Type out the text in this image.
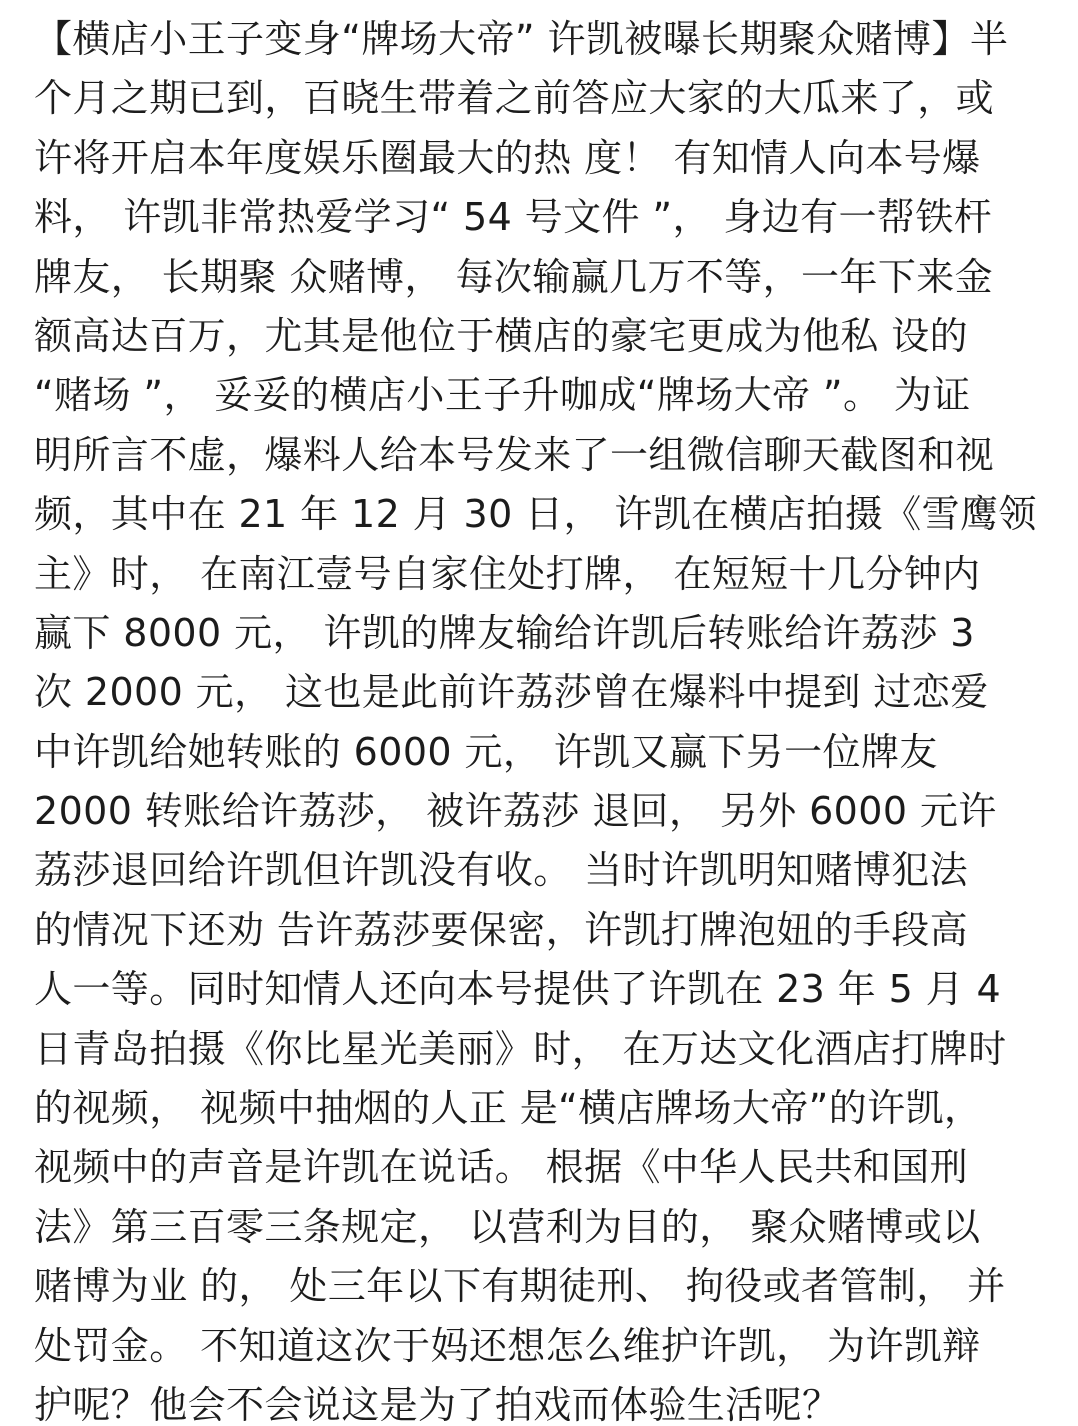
【横店小王子变身“牌场大帝” 许凯被曝长期聚众赌博】半
个月之期已到，百晓生带着之前答应大家的大瓜来了，或
许将开启本年度娱乐圈最大的热 度！ 有知情人向本号爆
料， 许凯非常热爱学习“ 54 号文件 ”， 身边有一帮铁杆
牌友， 长期聚 众赌博， 每次输赢几万不等，一年下来金
额高达百万，尤其是他位于横店的豪宅更成为他私 设的
“赌场 ”， 妥妥的横店小王子升咖成“牌场大帝 ”。 为证
明所言不虚，爆料人给本号发来了一组微信聊天截图和视
频，其中在 21 年 12 月 30 日， 许凯在横店拍摄《雪鹰领
主》时， 在南江壹号自家住处打牌， 在短短十几分钟内
赢下 8000 元， 许凯的牌友输给许凯后转账给许荔莎 3
次 2000 元， 这也是此前许荔莎曾在爆料中提到 过恋爱
中许凯给她转账的 6000 元， 许凯又赢下另一位牌友
2000 转账给许荔莎， 被许荔莎 退回， 另外 6000 元许
荔莎退回给许凯但许凯没有收。 当时许凯明知赌博犯法
的情况下还劝 告许荔莎要保密，许凯打牌泡妞的手段高
人一等。同时知情人还向本号提供了许凯在 23 年 5 月 4
日青岛拍摄《你比星光美丽》时， 在万达文化酒店打牌时
的视频， 视频中抽烟的人正 是“横店牌场大帝”的许凯，
视频中的声音是许凯在说话。 根据《中华人民共和国刑
法》第三百零三条规定， 以营利为目的， 聚众赌博或以
赌博为业 的， 处三年以下有期徒刑、 拘役或者管制， 并
处罚金。 不知道这次于妈还想怎么维护许凯， 为许凯辩
护呢？他会不会说这是为了拍戏而体验生活呢？
